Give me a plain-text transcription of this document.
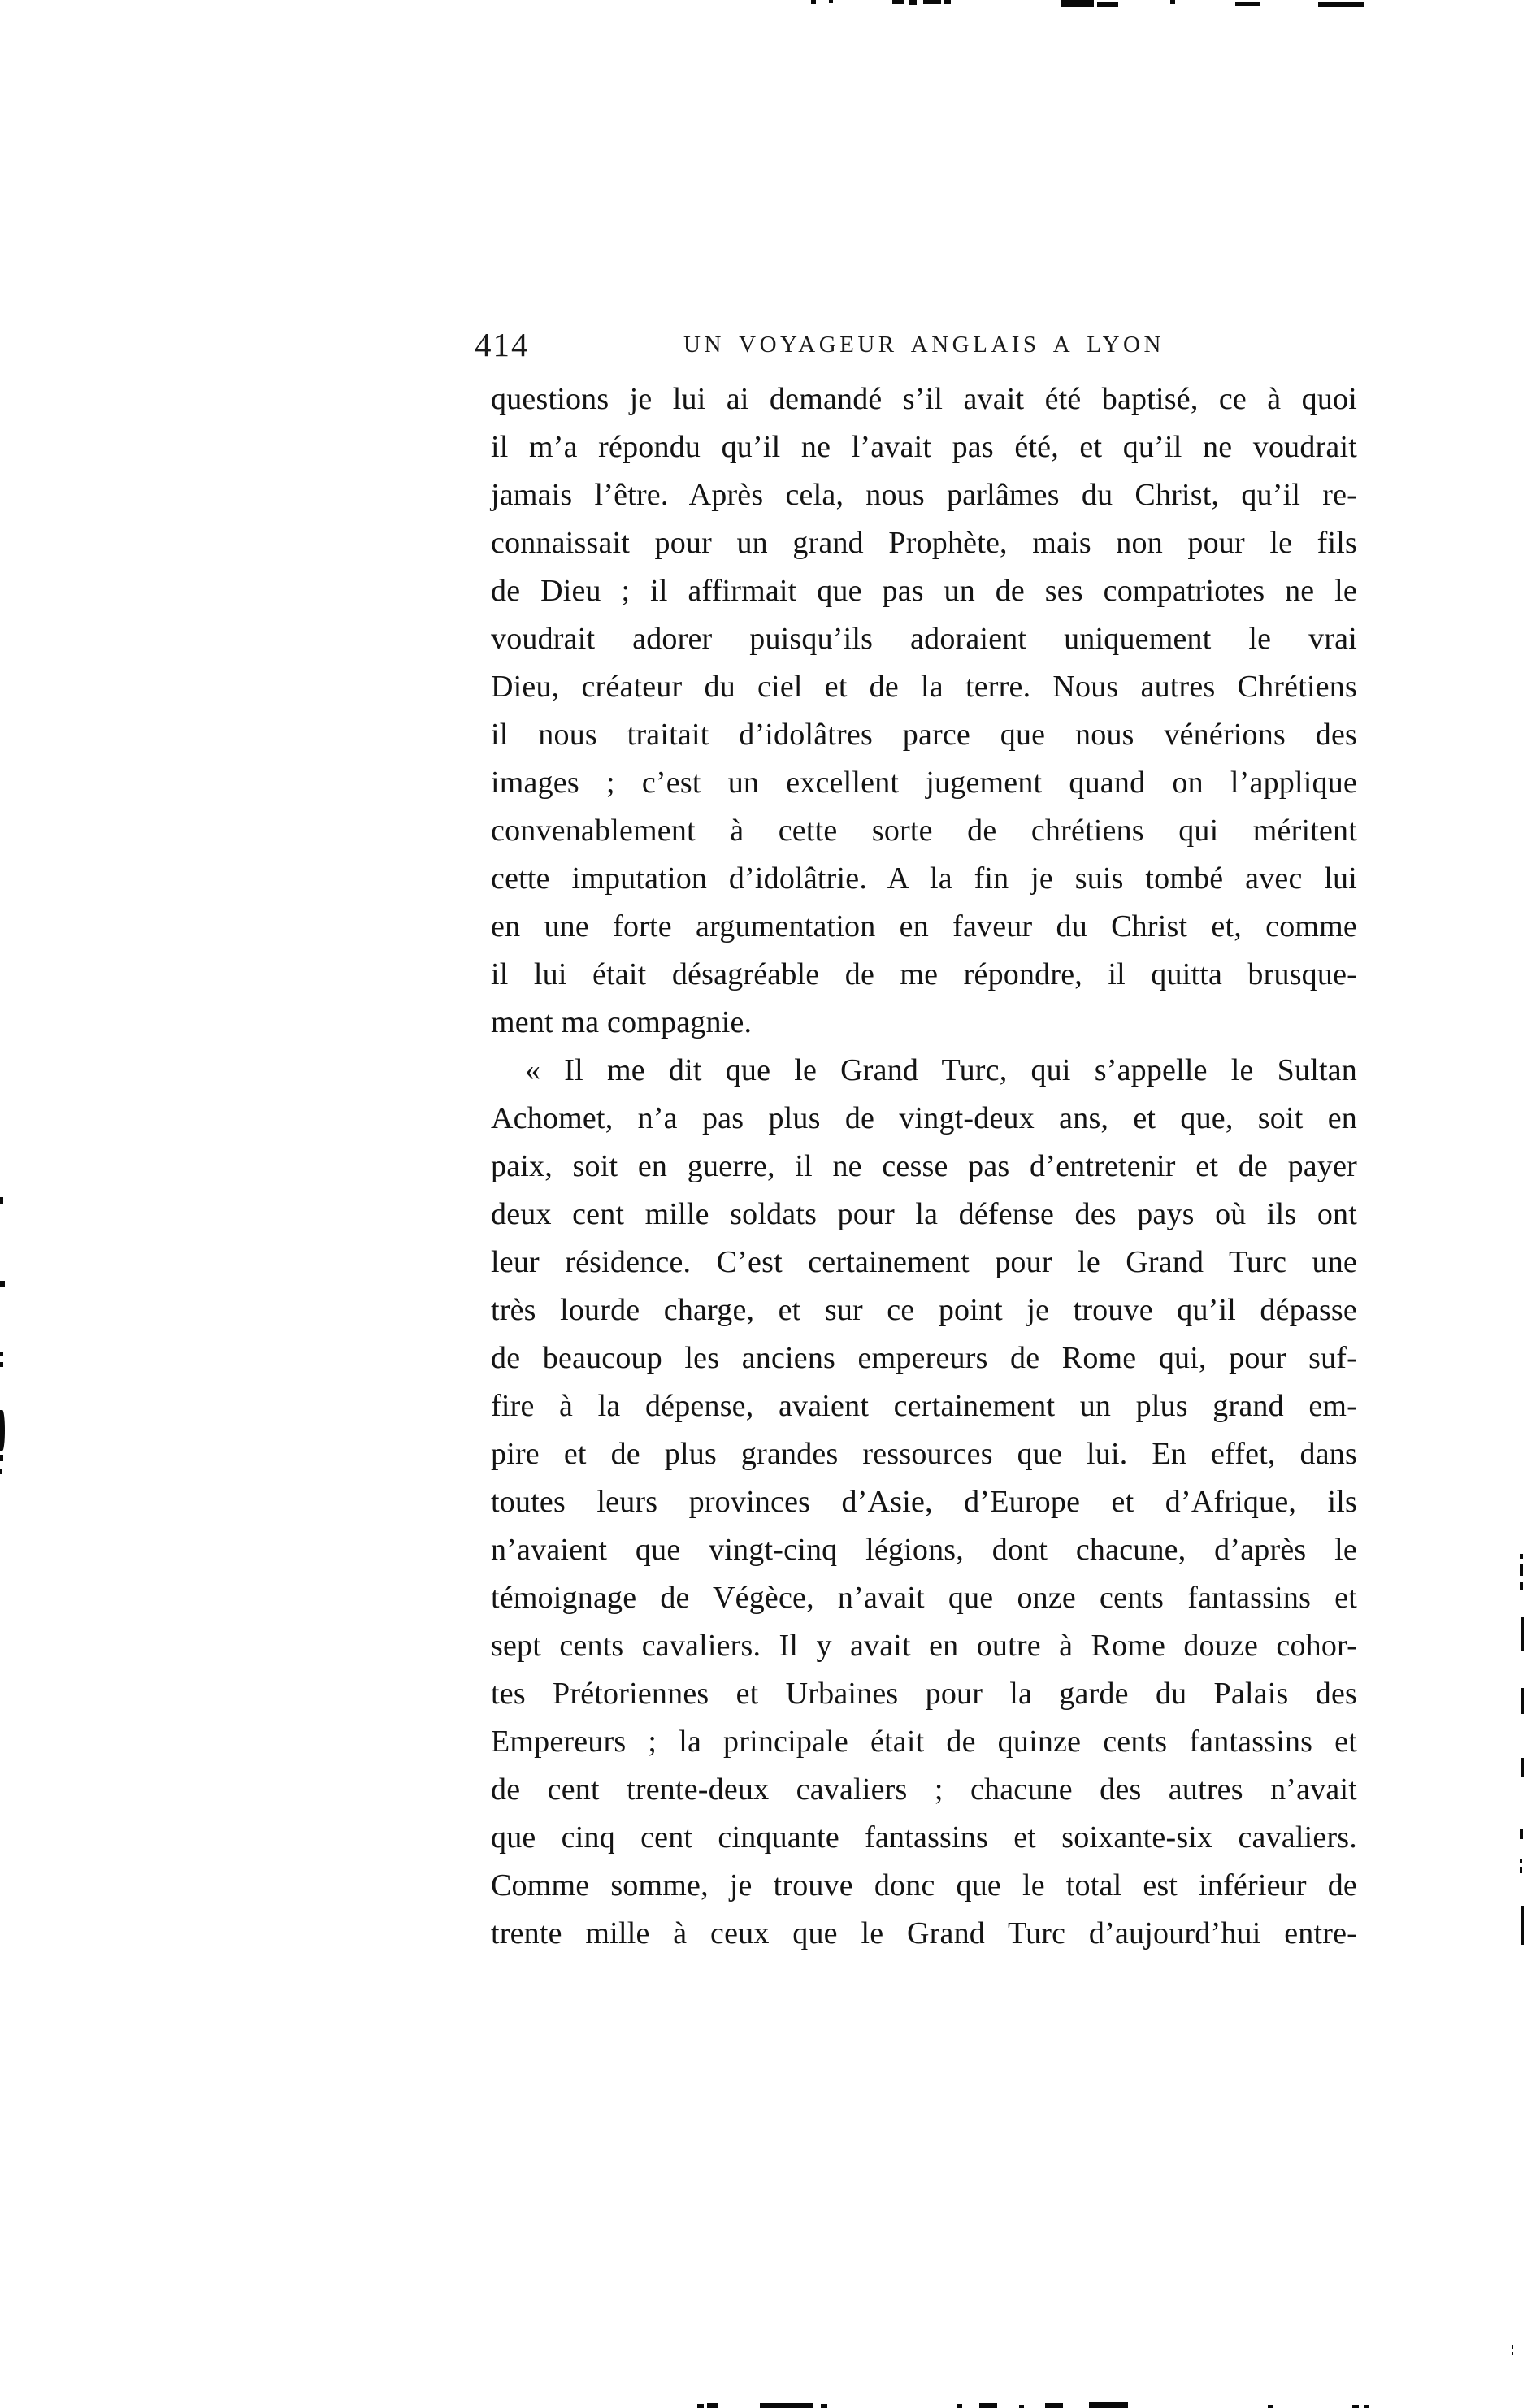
414	UN VOYAGEUR ANGLAIS A LYON
questions je lui ai demandé s’il avait été baptisé, ce à quoi
il m’a répondu qu’il ne l’avait pas été, et qu’il ne voudrait
jamais l’être. Après cela, nous parlâmes du Christ, qu’il re-
connaissait pour un grand Prophète, mais non pour le fils
de Dieu ; il affirmait que pas un de ses compatriotes ne le
voudrait adorer puisqu’ils adoraient uniquement le vrai
Dieu, créateur du ciel et de la terre. Nous autres Chrétiens
il nous traitait d’idolâtres parce que nous vénérions des
images ; c’est un excellent jugement quand on l’applique
convenablement à cette sorte de chrétiens qui méritent
cette imputation d’idolâtrie. A la fin je suis tombé avec lui
en une forte argumentation en faveur du Christ et, comme
il lui était désagréable de me répondre, il quitta brusque-
ment ma compagnie.
« Il me dit que le Grand Turc, qui s’appelle le Sultan
Achomet, n’a pas plus de vingt-deux ans, et que, soit en
paix, soit en guerre, il ne cesse pas d’entretenir et de payer
deux cent mille soldats pour la défense des pays où ils ont
leur résidence. C’est certainement pour le Grand Turc une
très lourde charge, et sur ce point je trouve qu’il dépasse
de beaucoup les anciens empereurs de Rome qui, pour suf-
fire à la dépense, avaient certainement un plus grand em-
pire et de plus grandes ressources que lui. En effet, dans
toutes leurs provinces d’Asie, d’Europe et d’Afrique, ils
n’avaient que vingt-cinq légions, dont chacune, d’après le
témoignage de Végèce, n’avait que onze cents fantassins et
sept cents cavaliers. Il y avait en outre à Rome douze cohor-
tes Prétoriennes et Urbaines pour la garde du Palais des
Empereurs ; la principale était de quinze cents fantassins et
de cent trente-deux cavaliers ; chacune des autres n’avait
que cinq cent cinquante fantassins et soixante-six cavaliers.
Comme somme, je trouve donc que le total est inférieur de
trente mille à ceux que le Grand Turc d’aujourd’hui entre-
